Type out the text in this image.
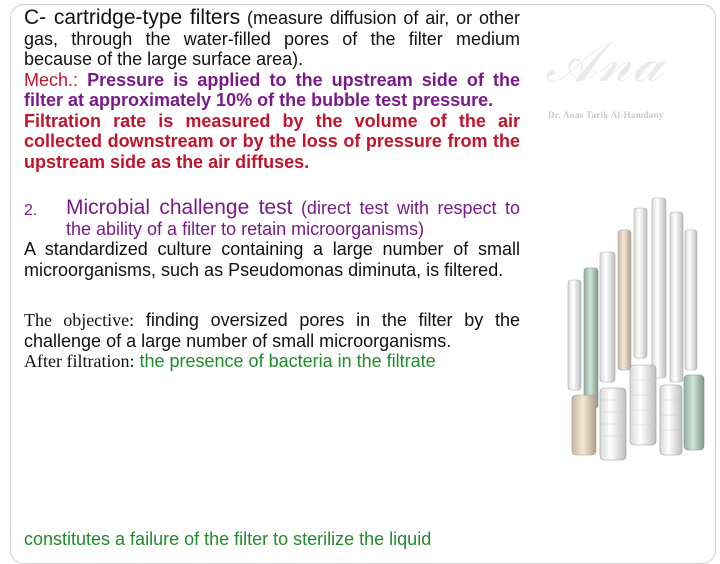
𝒜𝓃𝒶
Dr. Anas Tarik Al-Hamdany

C- cartridge-type filters (measure diffusion of air, or other gas, through the water-filled pores of the filter medium because of the large surface area).

Mech.: Pressure is applied to the upstream side of the filter at approximately 10% of the bubble test pressure.

Filtration rate is measured by the volume of the air collected downstream or by the loss of pressure from the upstream side as the air diffuses.

2. Microbial challenge test (direct test with respect to the ability of a filter to retain microorganisms)

A standardized culture containing a large number of small microorganisms, such as Pseudomonas diminuta, is filtered.

The objective: finding oversized pores in the filter by the challenge of a large number of small microorganisms.

After filtration: the presence of bacteria in the filtrate

constitutes a failure of the filter to sterilize the liquid
